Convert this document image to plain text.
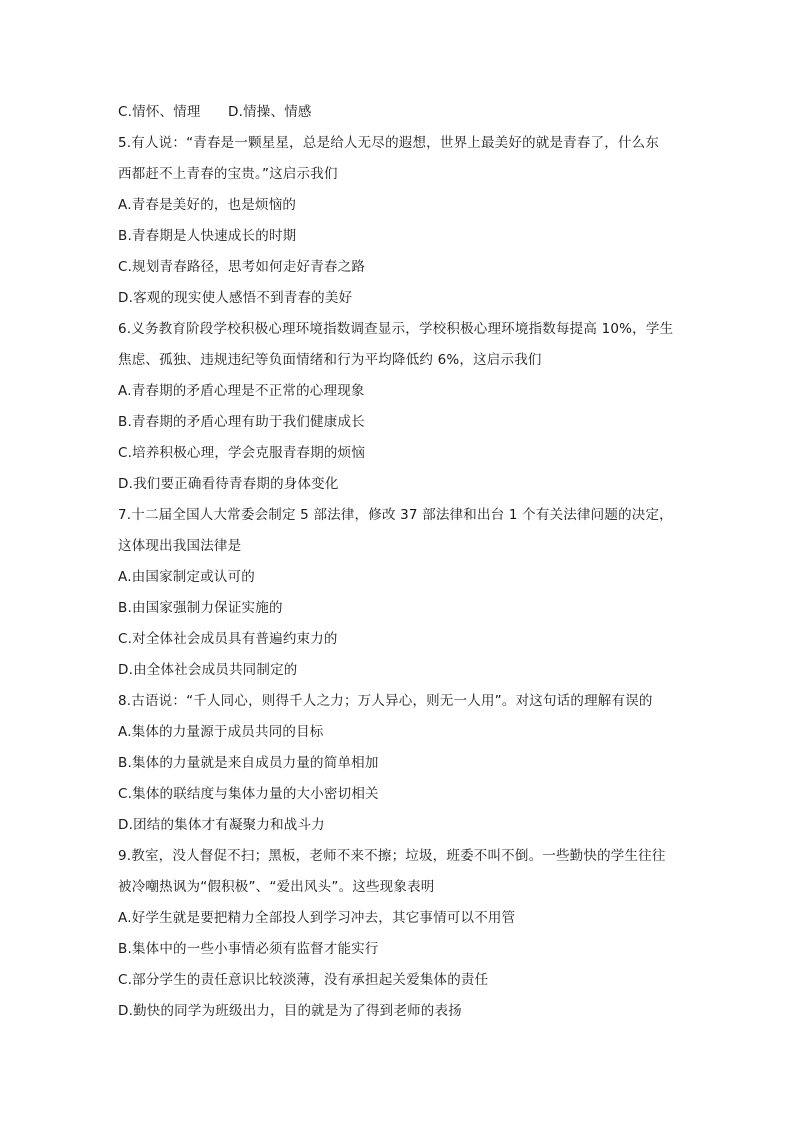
C.情怀、情理　　D.情操、情感
5.有人说：“青春是一颗星星，总是给人无尽的遐想，世界上最美好的就是青春了，什么东
西都赶不上青春的宝贵。”这启示我们
A.青春是美好的，也是烦恼的
B.青春期是人快速成长的时期
C.规划青春路径，思考如何走好青春之路
D.客观的现实使人感悟不到青春的美好
6.义务教育阶段学校积极心理环境指数调查显示，学校积极心理环境指数每提高 10%，学生
焦虑、孤独、违规违纪等负面情绪和行为平均降低约 6%，这启示我们
A.青春期的矛盾心理是不正常的心理现象
B.青春期的矛盾心理有助于我们健康成长
C.培养积极心理，学会克服青春期的烦恼
D.我们要正确看待青春期的身体变化
7.十二届全国人大常委会制定 5 部法律，修改 37 部法律和出台 1 个有关法律问题的决定，
这体现出我国法律是
A.由国家制定或认可的
B.由国家强制力保证实施的
C.对全体社会成员具有普遍约束力的
D.由全体社会成员共同制定的
8.古语说：“千人同心，则得千人之力；万人异心，则无一人用”。对这句话的理解有误的
A.集体的力量源于成员共同的目标
B.集体的力量就是来自成员力量的简单相加
C.集体的联结度与集体力量的大小密切相关
D.团结的集体才有凝聚力和战斗力
9.教室，没人督促不扫；黑板，老师不来不擦；垃圾，班委不叫不倒。一些勤快的学生往往
被冷嘲热讽为“假积极”、“爱出风头”。这些现象表明
A.好学生就是要把精力全部投人到学习冲去，其它事情可以不用管
B.集体中的一些小事情必须有监督才能实行
C.部分学生的责任意识比较淡薄，没有承担起关爱集体的责任
D.勤快的同学为班级出力，目的就是为了得到老师的表扬
